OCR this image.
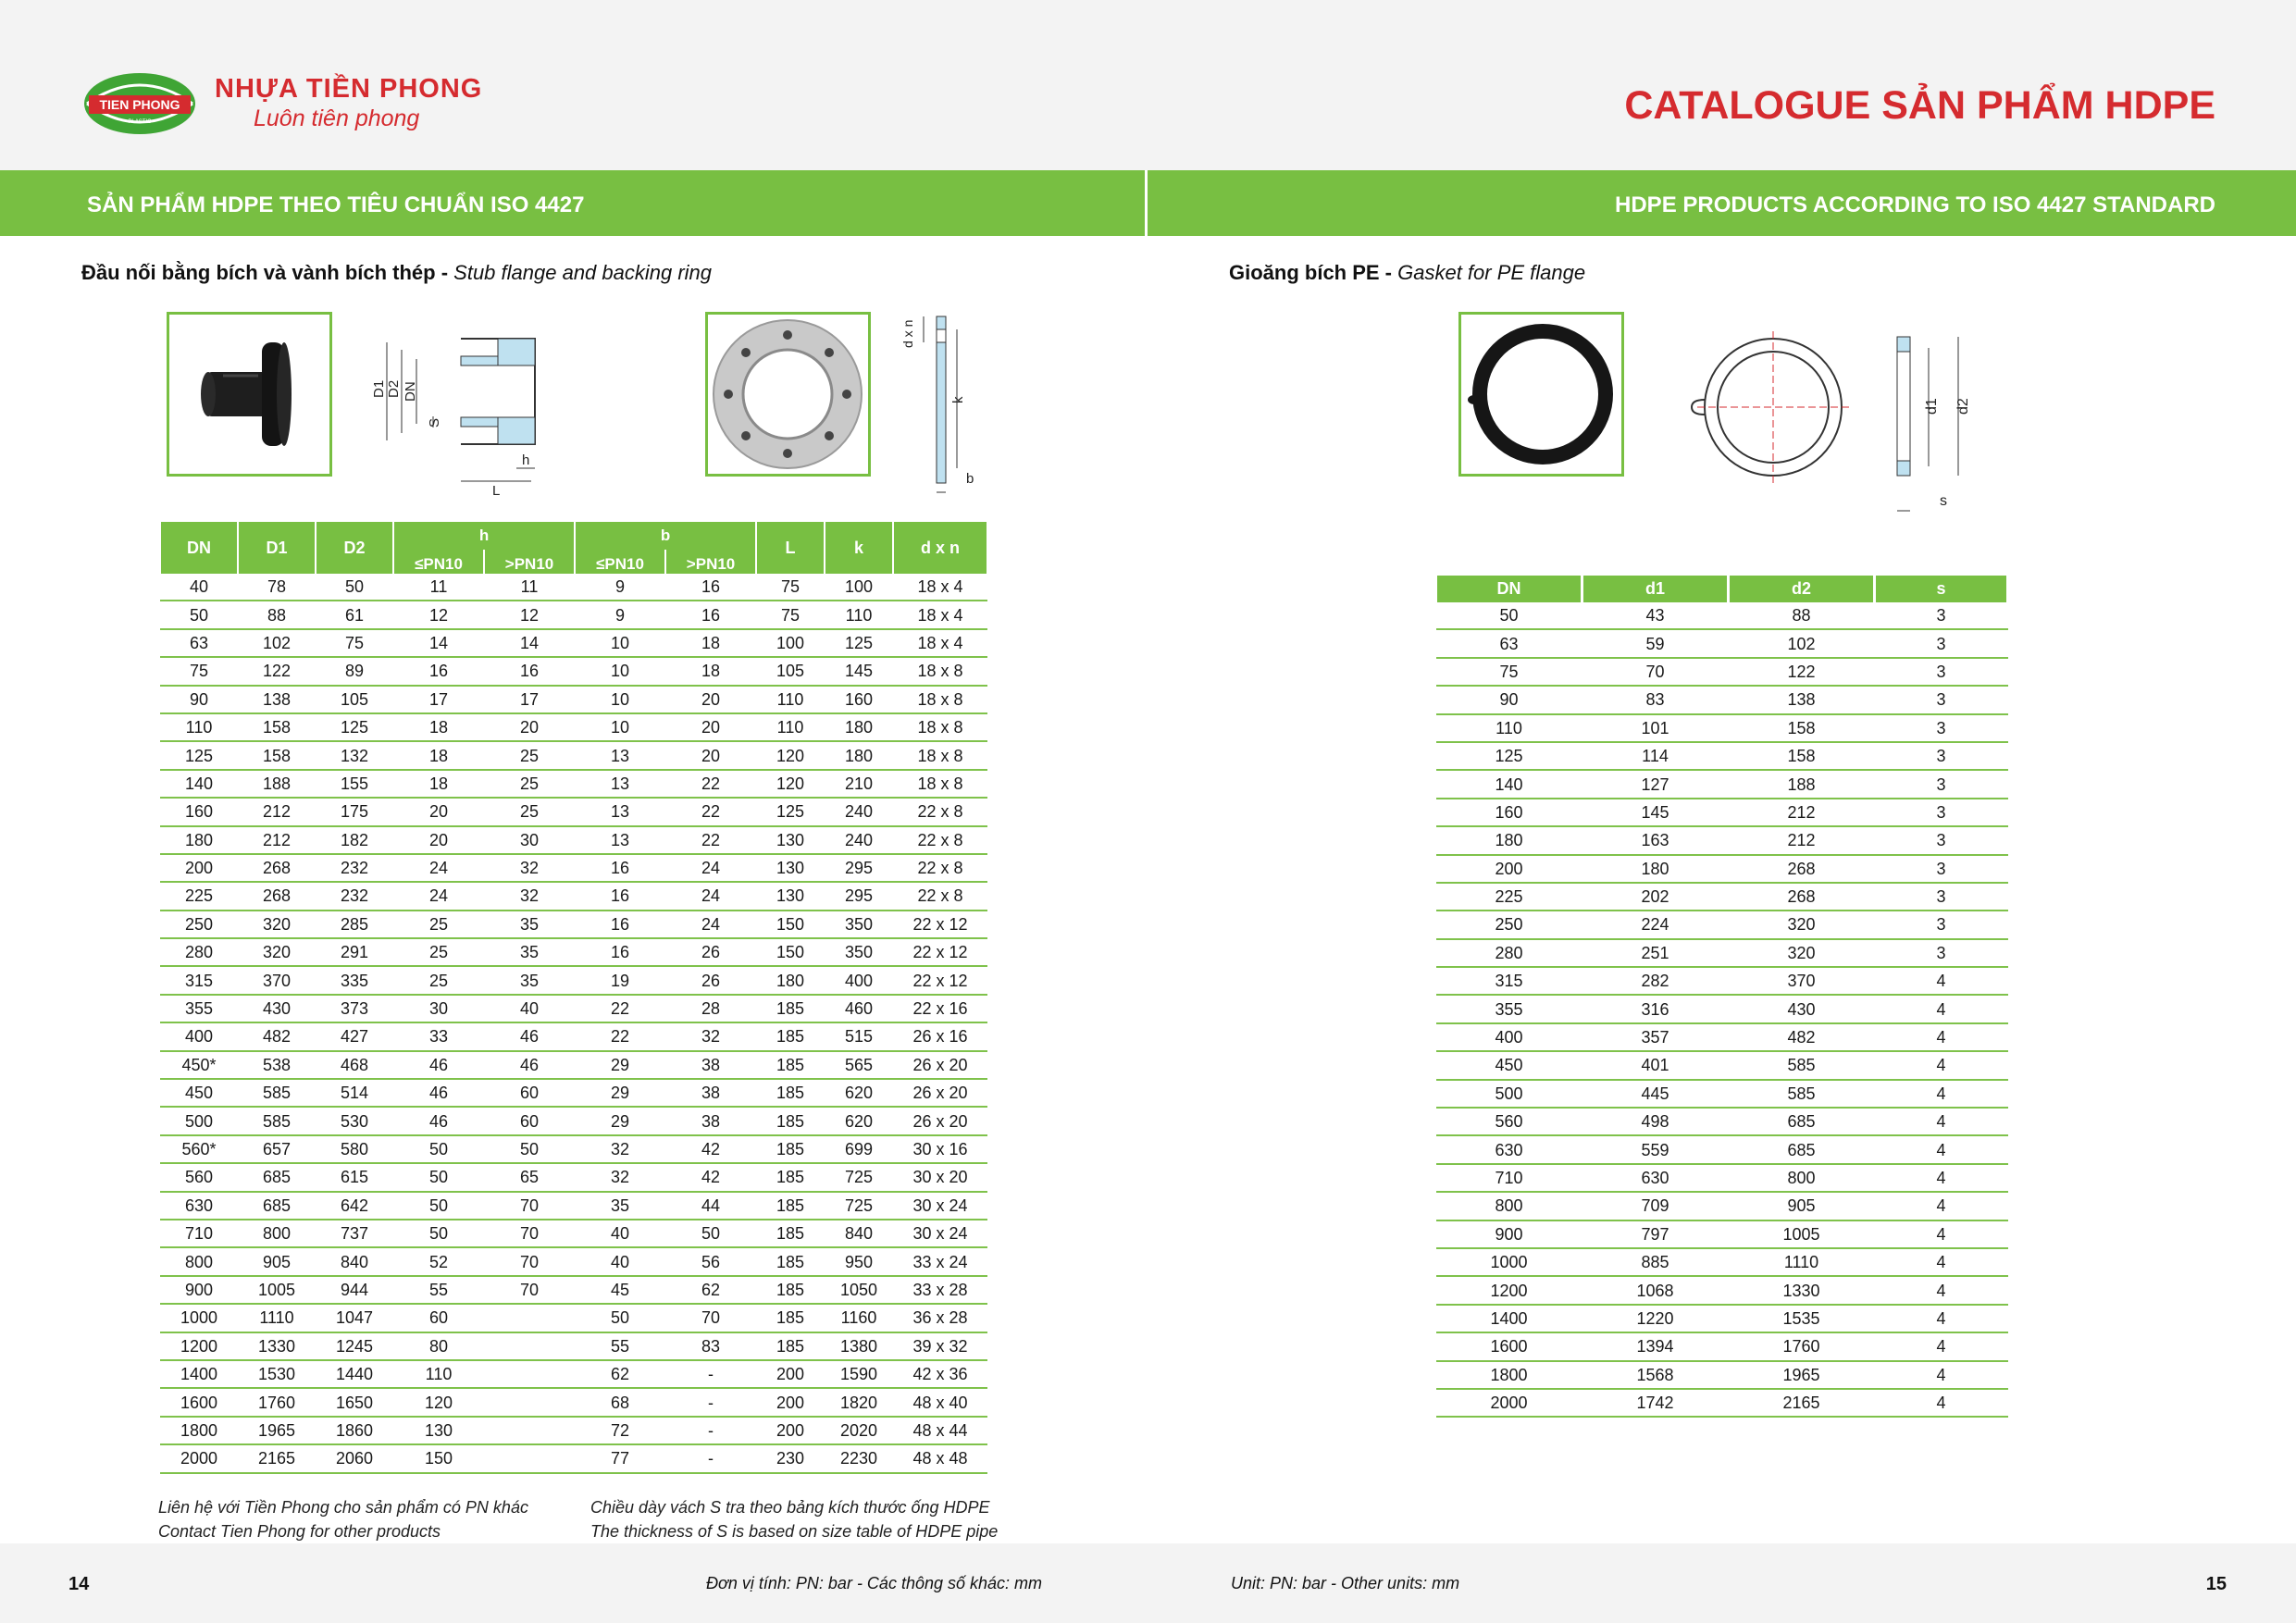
TIEN PHONG
PLASTIC
NHỰA TIỀN PHONG
Luôn tiên phong	CATALOGUE SẢN PHẨM HDPE
SẢN PHẨM HDPE THEO TIÊU CHUẨN ISO 4427	HDPE PRODUCTS ACCORDING TO ISO 4427 STANDARD
Đầu nối bằng bích và vành bích thép - Stub flange and backing ring
D1 D2 DN
S
h
L
d x n
k
b
DN	D1	D2	h		b		L	k	d x n
			≤PN10	>PN10	≤PN10	>PN10			
40	78	50	11	11	9	16	75	100	18 x 4
50	88	61	12	12	9	16	75	110	18 x 4
63	102	75	14	14	10	18	100	125	18 x 4
75	122	89	16	16	10	18	105	145	18 x 8
90	138	105	17	17	10	20	110	160	18 x 8
110	158	125	18	20	10	20	110	180	18 x 8
125	158	132	18	25	13	20	120	180	18 x 8
140	188	155	18	25	13	22	120	210	18 x 8
160	212	175	20	25	13	22	125	240	22 x 8
180	212	182	20	30	13	22	130	240	22 x 8
200	268	232	24	32	16	24	130	295	22 x 8
225	268	232	24	32	16	24	130	295	22 x 8
250	320	285	25	35	16	24	150	350	22 x 12
280	320	291	25	35	16	26	150	350	22 x 12
315	370	335	25	35	19	26	180	400	22 x 12
355	430	373	30	40	22	28	185	460	22 x 16
400	482	427	33	46	22	32	185	515	26 x 16
450*	538	468	46	46	29	38	185	565	26 x 20
450	585	514	46	60	29	38	185	620	26 x 20
500	585	530	46	60	29	38	185	620	26 x 20
560*	657	580	50	50	32	42	185	699	30 x 16
560	685	615	50	65	32	42	185	725	30 x 20
630	685	642	50	70	35	44	185	725	30 x 24
710	800	737	50	70	40	50	185	840	30 x 24
800	905	840	52	70	40	56	185	950	33 x 24
900	1005	944	55	70	45	62	185	1050	33 x 28
1000	1110	1047	60		50	70	185	1160	36 x 28
1200	1330	1245	80		55	83	185	1380	39 x 32
1400	1530	1440	110		62	-	200	1590	42 x 36
1600	1760	1650	120		68	-	200	1820	48 x 40
1800	1965	1860	130		72	-	200	2020	48 x 44
2000	2165	2060	150		77	-	230	2230	48 x 48
Liên hệ với Tiền Phong cho sản phẩm có PN khác
Contact Tien Phong for other products
Chiều dày vách S tra theo bảng kích thước ống HDPE
The thickness of S is based on size table of HDPE pipe
Gioăng bích PE - Gasket for PE flange
d1 d2
s
DN	d1	d2	s
50	43	88	3
63	59	102	3
75	70	122	3
90	83	138	3
110	101	158	3
125	114	158	3
140	127	188	3
160	145	212	3
180	163	212	3
200	180	268	3
225	202	268	3
250	224	320	3
280	251	320	3
315	282	370	4
355	316	430	4
400	357	482	4
450	401	585	4
500	445	585	4
560	498	685	4
630	559	685	4
710	630	800	4
800	709	905	4
900	797	1005	4
1000	885	1110	4
1200	1068	1330	4
1400	1220	1535	4
1600	1394	1760	4
1800	1568	1965	4
2000	1742	2165	4
14	15
Đơn vị tính: PN: bar - Các thông số khác: mm	Unit: PN: bar - Other units: mm
